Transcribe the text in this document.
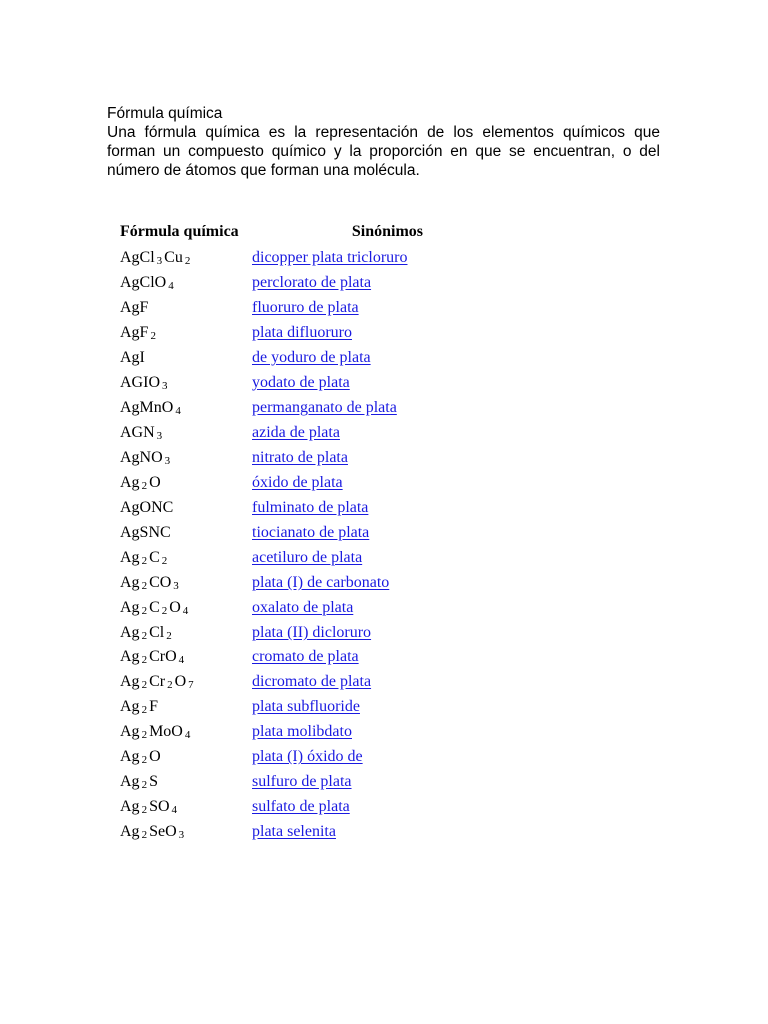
Fórmula química
Una fórmula química es la representación de los elementos químicos que forman un compuesto químico y la proporción en que se encuentran, o del número de átomos que forman una molécula.
Fórmula química	Sinónimos
AgCl $_3$ Cu $_2$	dicopper plata tricloruro
AgClO $_4$	perclorato de plata
AgF	fluoruro de plata
AgF $_2$	plata difluoruro
AgI	de yoduro de plata
AGIO $_3$	yodato de plata
AgMnO $_4$	permanganato de plata
AGN $_3$	azida de plata
AgNO $_3$	nitrato de plata
Ag $_2$ O	óxido de plata
AgONC	fulminato de plata
AgSNC	tiocianato de plata
Ag $_2$ C $_2$	acetiluro de plata
Ag $_2$ CO $_3$	plata (I) de carbonato
Ag $_2$ C $_2$ O $_4$	oxalato de plata
Ag $_2$ Cl $_2$	plata (II) dicloruro
Ag $_2$ CrO $_4$	cromato de plata
Ag $_2$ Cr $_2$ O $_7$	dicromato de plata
Ag $_2$ F	plata subfluoride
Ag $_2$ MoO $_4$	plata molibdato
Ag $_2$ O	plata (I) óxido de
Ag $_2$ S	sulfuro de plata
Ag $_2$ SO $_4$	sulfato de plata
Ag $_2$ SeO $_3$	plata selenita
